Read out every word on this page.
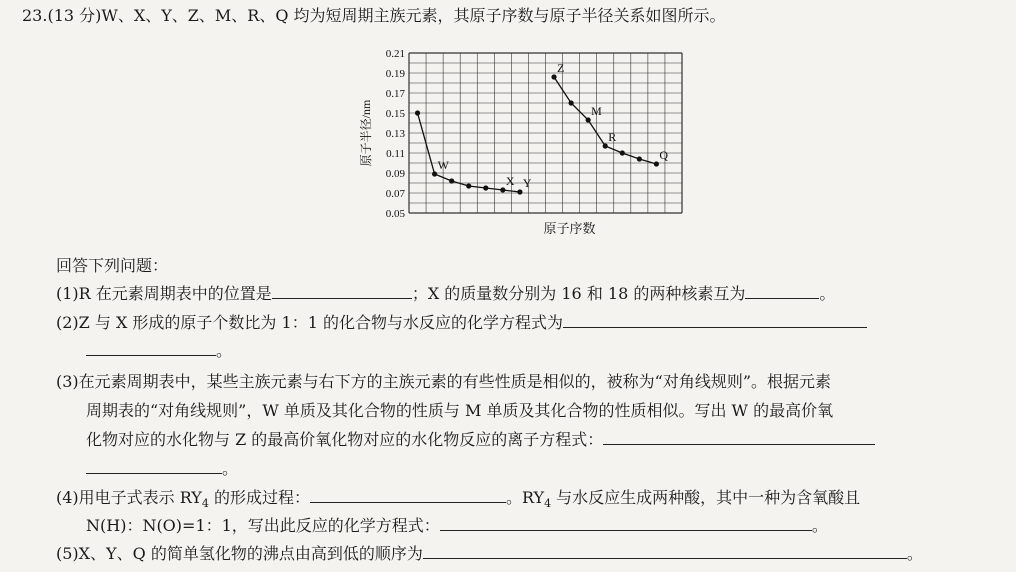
23.(13 分)W、X、Y、Z、M、R、Q 均为短周期主族元素，其原子序数与原子半径关系如图所示。
0.05
0.07
0.09
0.11
0.13
0.15
0.17
0.19
0.21
原子半径/nm
原子序数
W
X Y
Z
M
R
Q
回答下列问题：
(1)R 在元素周期表中的位置是	；X 的质量数分别为 16 和 18 的两种核素互为	。
(2)Z 与 X 形成的原子个数比为 1：1 的化合物与水反应的化学方程式为
。
(3)在元素周期表中，某些主族元素与右下方的主族元素的有些性质是相似的，被称为“对角线规则”。根据元素
周期表的“对角线规则”，W 单质及其化合物的性质与 M 单质及其化合物的性质相似。写出 W 的最高价氧
化物对应的水化物与 Z 的最高价氧化物对应的水化物反应的离子方程式：
。
(4)用电子式表示 $RY_4$ 的形成过程：	。$RY_4$ 与水反应生成两种酸，其中一种为含氧酸且
N(H)：N(O)=1：1，写出此反应的化学方程式：	。
(5)X、Y、Q 的简单氢化物的沸点由高到低的顺序为	。
